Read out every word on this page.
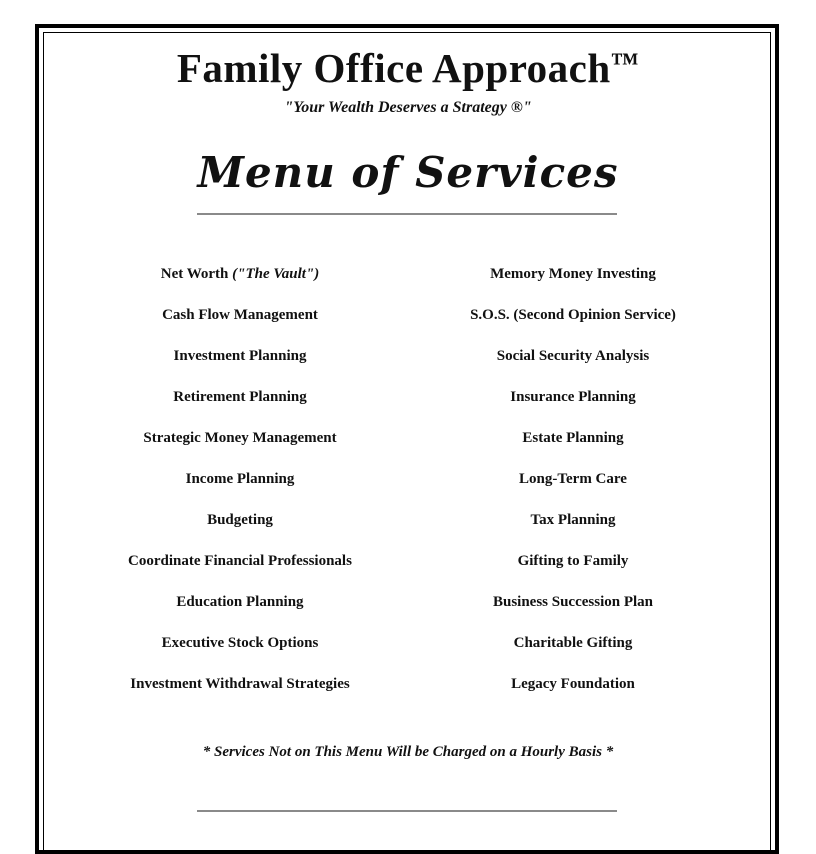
Family Office Approach™

"Your Wealth Deserves a Strategy ®"

Menu of Services
Net Worth ("The Vault")
Cash Flow Management
Investment Planning
Retirement Planning
Strategic Money Management
Income Planning
Budgeting
Coordinate Financial Professionals
Education Planning
Executive Stock Options
Investment Withdrawal Strategies
Memory Money Investing
S.O.S. (Second Opinion Service)
Social Security Analysis
Insurance Planning
Estate Planning
Long-Term Care
Tax Planning
Gifting to Family
Business Succession Plan
Charitable Gifting
Legacy Foundation

* Services Not on This Menu Will be Charged on a Hourly Basis *
